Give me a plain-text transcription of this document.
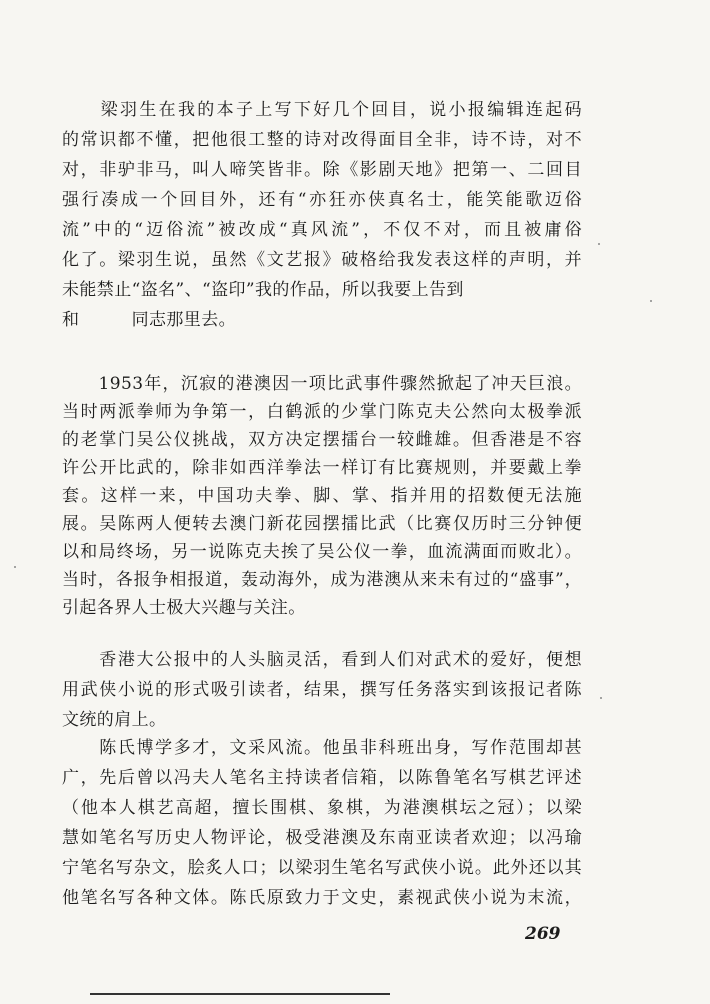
　　梁羽生在我的本子上写下好几个回目，说小报编辑连起码
的常识都不懂，把他很工整的诗对改得面目全非，诗不诗，对不
对，非驴非马，叫人啼笑皆非。除《影剧天地》把第一、二回目
强行凑成一个回目外，还有“亦狂亦侠真名士，能笑能歌迈俗
流”中的“迈俗流”被改成“真风流”，不仅不对，而且被庸俗
化了。梁羽生说，虽然《文艺报》破格给我发表这样的声明，并
未能禁止“盗名”、“盗印”我的作品，所以我要上告到
和　　　同志那里去。
　　1953年，沉寂的港澳因一项比武事件骤然掀起了冲天巨浪。
当时两派拳师为争第一，白鹤派的少掌门陈克夫公然向太极拳派
的老掌门吴公仪挑战，双方决定摆擂台一较雌雄。但香港是不容
许公开比武的，除非如西洋拳法一样订有比赛规则，并要戴上拳
套。这样一来，中国功夫拳、脚、掌、指并用的招数便无法施
展。吴陈两人便转去澳门新花园摆擂比武（比赛仅历时三分钟便
以和局终场，另一说陈克夫挨了吴公仪一拳，血流满面而败北）。
当时，各报争相报道，轰动海外，成为港澳从来未有过的“盛事”，
引起各界人士极大兴趣与关注。
　　香港大公报中的人头脑灵活，看到人们对武术的爱好，便想
用武侠小说的形式吸引读者，结果，撰写任务落实到该报记者陈
文统的肩上。
　　陈氏博学多才，文采风流。他虽非科班出身，写作范围却甚
广，先后曾以冯夫人笔名主持读者信箱，以陈鲁笔名写棋艺评述
（他本人棋艺高超，擅长围棋、象棋，为港澳棋坛之冠）；以梁
慧如笔名写历史人物评论，极受港澳及东南亚读者欢迎；以冯瑜
宁笔名写杂文，脍炙人口；以梁羽生笔名写武侠小说。此外还以其
他笔名写各种文体。陈氏原致力于文史，素视武侠小说为末流，
269
